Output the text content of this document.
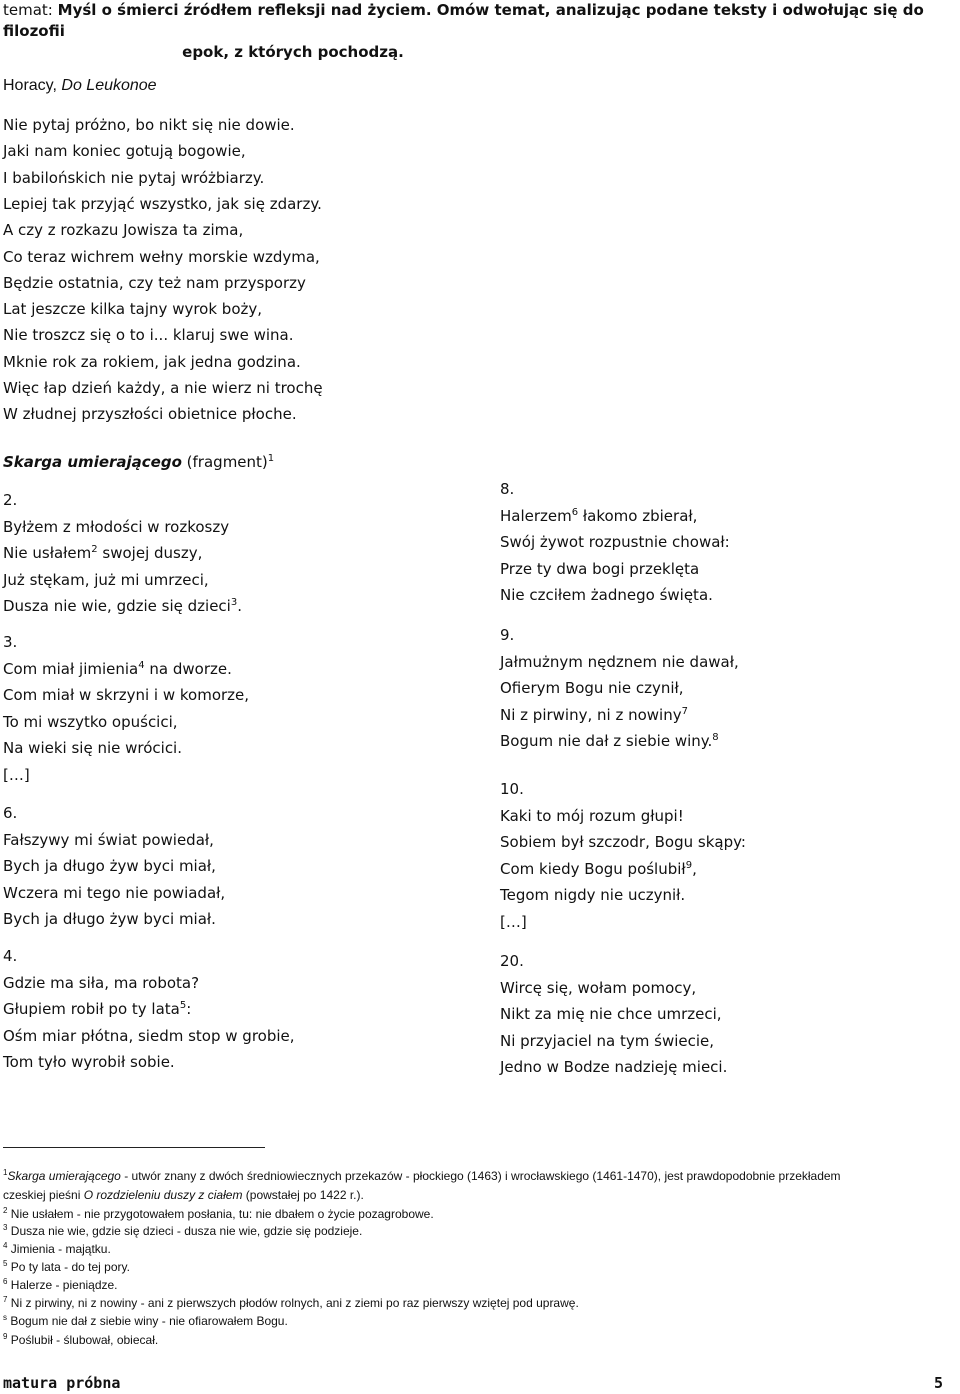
temat: Myśl o śmierci źródłem refleksji nad życiem. Omów temat, analizując podane teksty i odwołując się do filozofii
epok, z których pochodzą.
Horacy, Do Leukonoe
Nie pytaj próżno, bo nikt się nie dowie.
Jaki nam koniec gotują bogowie,
I babilońskich nie pytaj wróżbiarzy.
Lepiej tak przyjąć wszystko, jak się zdarzy.
A czy z rozkazu Jowisza ta zima,
Co teraz wichrem wełny morskie wzdyma,
Będzie ostatnia, czy też nam przysporzy
Lat jeszcze kilka tajny wyrok boży,
Nie troszcz się o to i... klaruj swe wina.
Mknie rok za rokiem, jak jedna godzina.
Więc łap dzień każdy, a nie wierz ni trochę
W złudnej przyszłości obietnice płoche.
Skarga umierającego (fragment)$^1$
2.
Byłżem z młodości w rozkoszy
Nie usłałem$^2$ swojej duszy,
Już stękam, już mi umrzeci,
Dusza nie wie, gdzie się dzieci$^3$.
3.
Com miał jimienia$^4$ na dworze.
Com miał w skrzyni i w komorze,
To mi wszytko opuścici,
Na wieki się nie wrócici.
[…]
6.
Fałszywy mi świat powiedał,
Bych ja długo żyw byci miał,
Wczera mi tego nie powiadał,
Bych ja długo żyw byci miał.
4.
Gdzie ma siła, ma robota?
Głupiem robił po ty lata$^5$:
Ośm miar płótna, siedm stop w grobie,
Tom tyło wyrobił sobie.
8.
Halerzem$^6$ łakomo zbierał,
Swój żywot rozpustnie chował:
Prze ty dwa bogi przeklęta
Nie czciłem żadnego święta.
9.
Jałmużnym nędznem nie dawał,
Ofierym Bogu nie czynił,
Ni z pirwiny, ni z nowiny$^7$
Bogum nie dał z siebie winy.$^8$
10.
Kaki to mój rozum głupi!
Sobiem był szczodr, Bogu skąpy:
Com kiedy Bogu poślubił$^9$,
Tegom nigdy nie uczynił.
[…]
20.
Wircę się, wołam pomocy,
Nikt za mię nie chce umrzeci,
Ni przyjaciel na tym świecie,
Jedno w Bodze nadzieję mieci.
$^1$Skarga umierającego - utwór znany z dwóch średniowiecznych przekazów - płockiego (1463) i wrocławskiego (1461-1470), jest prawdopodobnie przekładem
czeskiej pieśni O rozdzieleniu duszy z ciałem (powstałej po 1422 r.).
$^2$ Nie usłałem - nie przygotowałem posłania, tu: nie dbałem o życie pozagrobowe.
$^3$ Dusza nie wie, gdzie się dzieci - dusza nie wie, gdzie się podzieje.
$^4$ Jimienia - majątku.
$^5$ Po ty lata - do tej pory.
$^6$ Halerze - pieniądze.
$^7$ Ni z pirwiny, ni z nowiny - ani z pierwszych płodów rolnych, ani z ziemi po raz pierwszy wziętej pod uprawę.
$^s$ Bogum nie dał z siebie winy - nie ofiarowałem Bogu.
$^9$ Poślubił - ślubował, obiecał.
matura próbna	5
